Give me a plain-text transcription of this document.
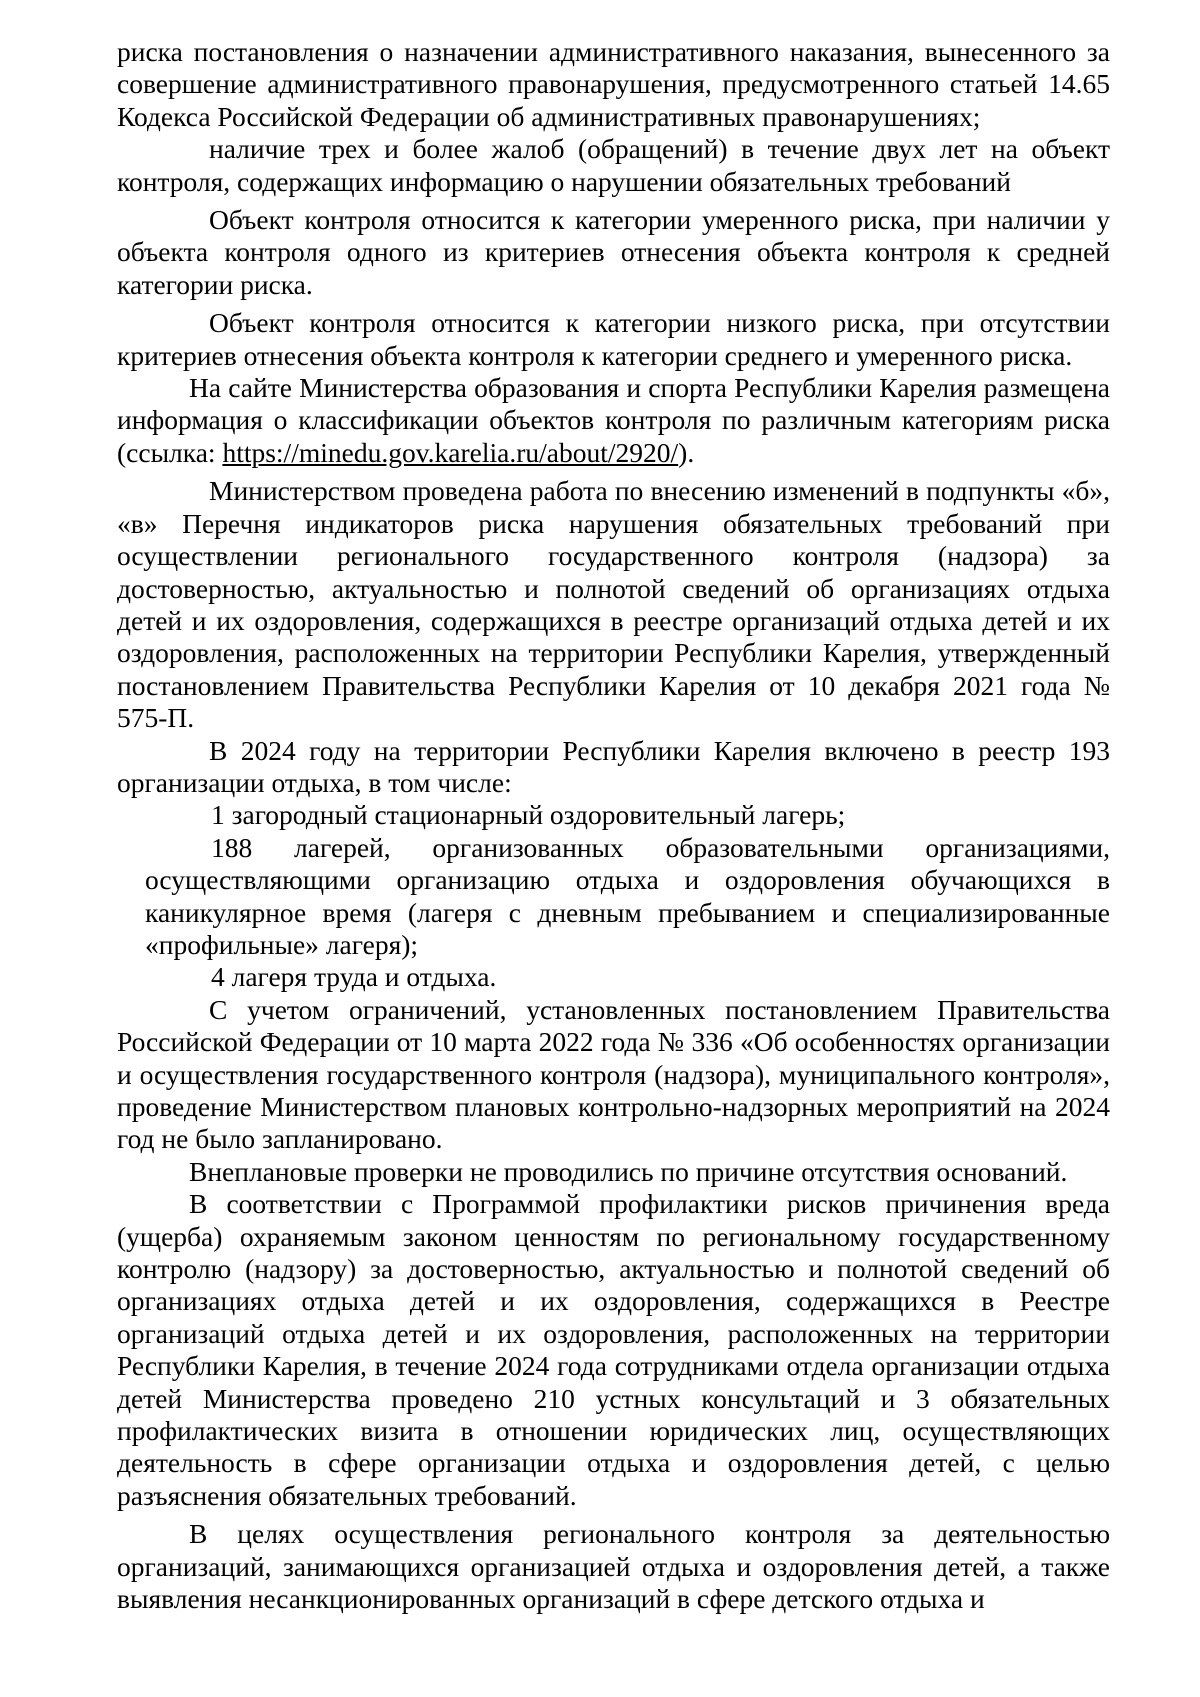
риска постановления о назначении административного наказания, вынесенного за совершение административного правонарушения, предусмотренного статьей 14.65 Кодекса Российской Федерации об административных правонарушениях;

наличие трех и более жалоб (обращений) в течение двух лет на объект контроля, содержащих информацию о нарушении обязательных требований

Объект контроля относится к категории умеренного риска, при наличии у объекта контроля одного из критериев отнесения объекта контроля к средней категории риска.

Объект контроля относится к категории низкого риска, при отсутствии критериев отнесения объекта контроля к категории среднего и умеренного риска.

На сайте Министерства образования и спорта Республики Карелия размещена информация о классификации объектов контроля по различным категориям риска (ссылка: https://minedu.gov.karelia.ru/about/2920/).

Министерством проведена работа по внесению изменений в подпункты «б», «в» Перечня индикаторов риска нарушения обязательных требований при осуществлении регионального государственного контроля (надзора) за достоверностью, актуальностью и полнотой сведений об организациях отдыха детей и их оздоровления, содержащихся в реестре организаций отдыха детей и их оздоровления, расположенных на территории Республики Карелия, утвержденный постановлением Правительства Республики Карелия от 10 декабря 2021 года № 575-П.

В 2024 году на территории Республики Карелия включено в реестр 193 организации отдыха, в том числе:

1 загородный стационарный оздоровительный лагерь;

188 лагерей, организованных образовательными организациями, осуществляющими организацию отдыха и оздоровления обучающихся в каникулярное время (лагеря с дневным пребыванием и специализированные «профильные» лагеря);

4 лагеря труда и отдыха.

С учетом ограничений, установленных постановлением Правительства Российской Федерации от 10 марта 2022 года № 336 «Об особенностях организации и осуществления государственного контроля (надзора), муниципального контроля», проведение Министерством плановых контрольно-надзорных мероприятий на 2024 год не было запланировано.

Внеплановые проверки не проводились по причине отсутствия оснований.

В соответствии с Программой профилактики рисков причинения вреда (ущерба) охраняемым законом ценностям по региональному государственному контролю (надзору) за достоверностью, актуальностью и полнотой сведений об организациях отдыха детей и их оздоровления, содержащихся в Реестре организаций отдыха детей и их оздоровления, расположенных на территории Республики Карелия, в течение 2024 года сотрудниками отдела организации отдыха детей Министерства проведено 210 устных консультаций и 3 обязательных профилактических визита в отношении юридических лиц, осуществляющих деятельность в сфере организации отдыха и оздоровления детей, с целью разъяснения обязательных требований.

В целях осуществления регионального контроля за деятельностью организаций, занимающихся организацией отдыха и оздоровления детей, а также выявления несанкционированных организаций в сфере детского отдыха и
